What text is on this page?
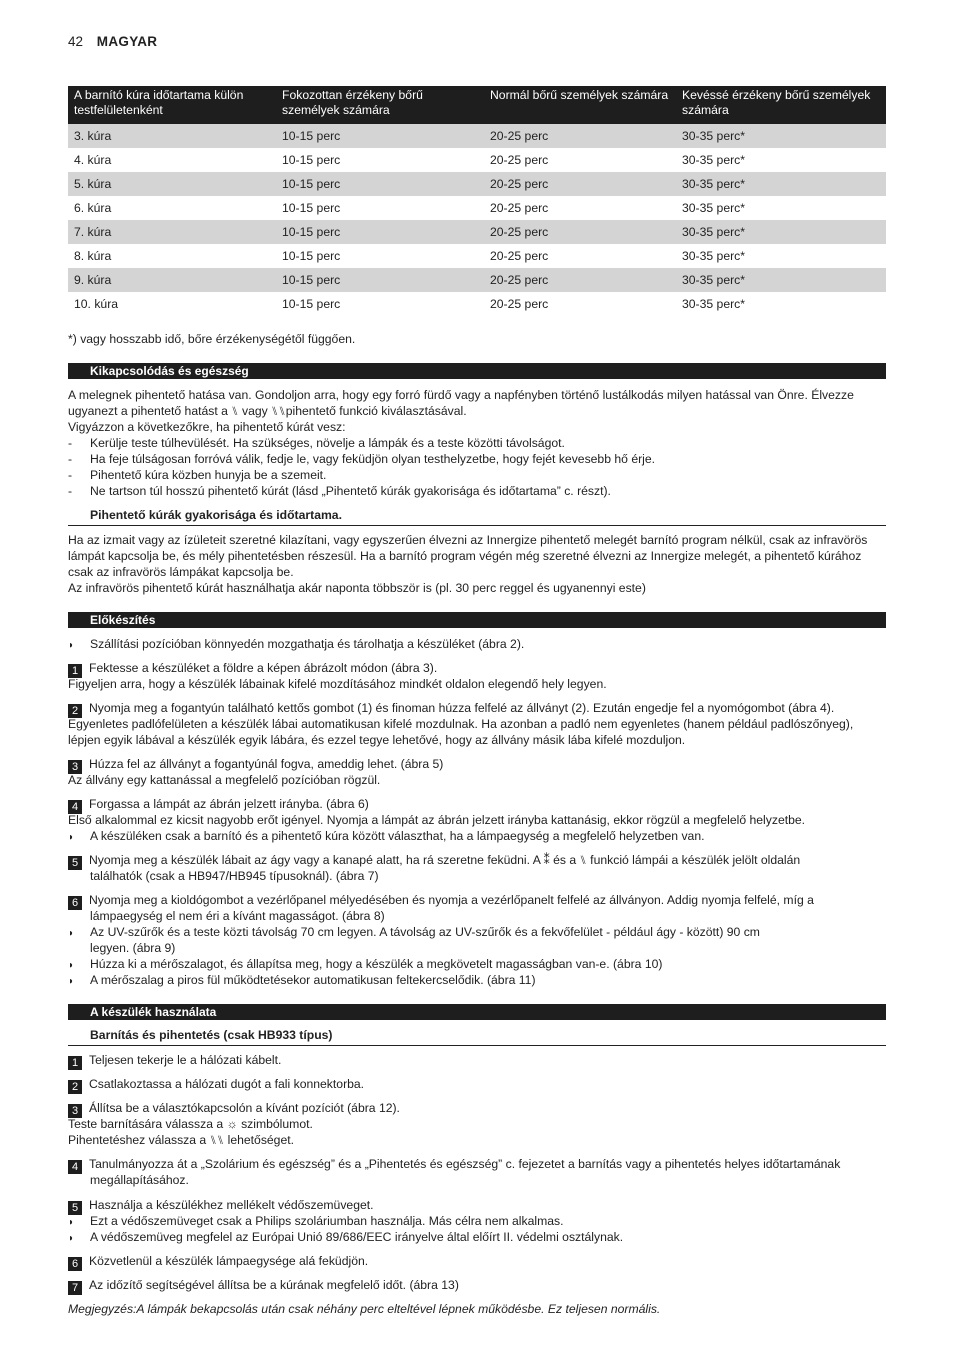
42 MAGYAR
A barnító kúra időtartama külön testfelületenként	Fokozottan érzékeny bőrű személyek számára	Normál bőrű személyek számára	Kevéssé érzékeny bőrű személyek számára
3. kúra	10-15 perc	20-25 perc	30-35 perc*
4. kúra	10-15 perc	20-25 perc	30-35 perc*
5. kúra	10-15 perc	20-25 perc	30-35 perc*
6. kúra	10-15 perc	20-25 perc	30-35 perc*
7. kúra	10-15 perc	20-25 perc	30-35 perc*
8. kúra	10-15 perc	20-25 perc	30-35 perc*
9. kúra	10-15 perc	20-25 perc	30-35 perc*
10. kúra	10-15 perc	20-25 perc	30-35 perc*
*) vagy hosszabb idő, bőre érzékenységétől függően.
Kikapcsolódás és egészség
A melegnek pihentető hatása van. Gondoljon arra, hogy egy forró fürdő vagy a napfényben történő lustálkodás milyen hatással van Önre. Élvezze
ugyanezt a pihentető hatást a ⑊ vagy ⑊⑊pihentető funkció kiválasztásával.
Vigyázzon a következőkre, ha pihentető kúrát vesz:
- Kerülje teste túlhevülését. Ha szükséges, növelje a lámpák és a teste közötti távolságot.
- Ha feje túlságosan forróvá válik, fedje le, vagy feküdjön olyan testhelyzetbe, hogy fejét kevesebb hő érje.
- Pihentető kúra közben hunyja be a szemeit.
- Ne tartson túl hosszú pihentető kúrát (lásd „Pihentető kúrák gyakorisága és időtartama” c. részt).
Pihentető kúrák gyakorisága és időtartama.
Ha az izmait vagy az ízületeit szeretné kilazítani, vagy egyszerűen élvezni az Innergize pihentető melegét barnító program nélkül, csak az infravörös
lámpát kapcsolja be, és mély pihentetésben részesül. Ha a barnító program végén még szeretné élvezni az Innergize melegét, a pihentető kúrához
csak az infravörös lámpákat kapcsolja be.
Az infravörös pihentető kúrát használhatja akár naponta többször is (pl. 30 perc reggel és ugyanennyi este)
Előkészítés
◗ Szállítási pozícióban könnyedén mozgathatja és tárolhatja a készüléket (ábra 2).
1 Fektesse a készüléket a földre a képen ábrázolt módon (ábra 3).
Figyeljen arra, hogy a készülék lábainak kifelé mozdításához mindkét oldalon elegendő hely legyen.
2 Nyomja meg a fogantyún található kettős gombot (1) és finoman húzza felfelé az állványt (2). Ezután engedje fel a nyomógombot (ábra 4).
Egyenletes padlófelületen a készülék lábai automatikusan kifelé mozdulnak. Ha azonban a padló nem egyenletes (hanem például padlószőnyeg),
lépjen egyik lábával a készülék egyik lábára, és ezzel tegye lehetővé, hogy az állvány másik lába kifelé mozduljon.
3 Húzza fel az állványt a fogantyúnál fogva, ameddig lehet. (ábra 5)
Az állvány egy kattanással a megfelelő pozícióban rögzül.
4 Forgassa a lámpát az ábrán jelzett irányba. (ábra 6)
Első alkalommal ez kicsit nagyobb erőt igényel. Nyomja a lámpát az ábrán jelzett irányba kattanásig, ekkor rögzül a megfelelő helyzetbe.
◗ A készüléken csak a barnító és a pihentető kúra között választhat, ha a lámpaegység a megfelelő helyzetben van.
5 Nyomja meg a készülék lábait az ágy vagy a kanapé alatt, ha rá szeretne feküdni. A ⁑ és a ⑊ funkció lámpái a készülék jelölt oldalán
találhatók (csak a HB947/HB945 típusoknál). (ábra 7)
6 Nyomja meg a kioldógombot a vezérlőpanel mélyedésében és nyomja a vezérlőpanelt felfelé az állványon. Addig nyomja felfelé, míg a
lámpaegység el nem éri a kívánt magasságot. (ábra 8)
◗ Az UV-szűrők és a teste közti távolság 70 cm legyen. A távolság az UV-szűrők és a fekvőfelület - például ágy - között) 90 cm
legyen. (ábra 9)
◗ Húzza ki a mérőszalagot, és állapítsa meg, hogy a készülék a megkövetelt magasságban van-e. (ábra 10)
◗ A mérőszalag a piros fül működtetésekor automatikusan feltekercselődik. (ábra 11)
A készülék használata
Barnítás és pihentetés (csak HB933 típus)
1 Teljesen tekerje le a hálózati kábelt.
2 Csatlakoztassa a hálózati dugót a fali konnektorba.
3 Állítsa be a választókapcsolón a kívánt pozíciót (ábra 12).
Teste barnítására válassza a ☼ szimbólumot.
Pihentetéshez válassza a ⑊⑊ lehetőséget.
4 Tanulmányozza át a „Szolárium és egészség” és a „Pihentetés és egészség” c. fejezetet a barnítás vagy a pihentetés helyes időtartamának
megállapításához.
5 Használja a készülékhez mellékelt védőszemüveget.
◗ Ezt a védőszemüveget csak a Philips szoláriumban használja. Más célra nem alkalmas.
◗ A védőszemüveg megfelel az Európai Unió 89/686/EEC irányelve által előírt II. védelmi osztálynak.
6 Közvetlenül a készülék lámpaegysége alá feküdjön.
7 Az időzítő segítségével állítsa be a kúrának megfelelő időt. (ábra 13)
Megjegyzés:A lámpák bekapcsolás után csak néhány perc elteltével lépnek működésbe. Ez teljesen normális.
